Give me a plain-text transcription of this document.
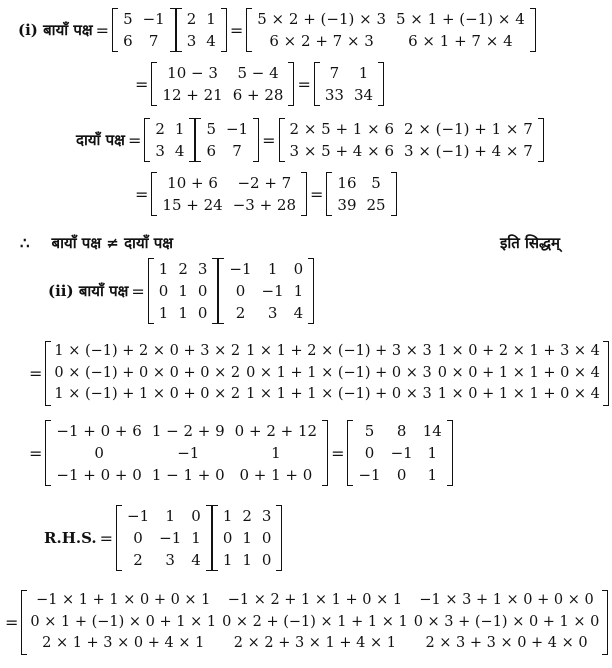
(i) बायाँ पक्ष =
5	−1
6	7
2	1
3	4
=
5 × 2 + (−1) × 3	5 × 1 + (−1) × 4
6 × 2 + 7 × 3	6 × 1 + 7 × 4
=
10 − 3	5 − 4
12 + 21	6 + 28
=
7	1
33	34
दायाँ पक्ष =
2	1
3	4
5	−1
6	7
=
2 × 5 + 1 × 6	2 × (−1) + 1 × 7
3 × 5 + 4 × 6	3 × (−1) + 4 × 7
=
10 + 6	−2 + 7
15 + 24	−3 + 28
=
16	5
39	25
∴ बायाँ पक्ष ≠ दायाँ पक्ष	इति सिद्धम्
(ii) बायाँ पक्ष =
1	2	3
0	1	0
1	1	0
−1	1	0
0	−1	1
2	3	4
=
1 × (−1) + 2 × 0 + 3 × 2	1 × 1 + 2 × (−1) + 3 × 3	1 × 0 + 2 × 1 + 3 × 4
0 × (−1) + 0 × 0 + 0 × 2	0 × 1 + 1 × (−1) + 0 × 3	0 × 0 + 1 × 1 + 0 × 4
1 × (−1) + 1 × 0 + 0 × 2	1 × 1 + 1 × (−1) + 0 × 3	1 × 0 + 1 × 1 + 0 × 4
=
−1 + 0 + 6	1 − 2 + 9	0 + 2 + 12
0	−1	1
−1 + 0 + 0	1 − 1 + 0	0 + 1 + 0
=
5	8	14
0	−1	1
−1	0	1
R.H.S. =
−1	1	0
0	−1	1
2	3	4
1	2	3
0	1	0
1	1	0
=
−1 × 1 + 1 × 0 + 0 × 1	−1 × 2 + 1 × 1 + 0 × 1	−1 × 3 + 1 × 0 + 0 × 0
0 × 1 + (−1) × 0 + 1 × 1	0 × 2 + (−1) × 1 + 1 × 1	0 × 3 + (−1) × 0 + 1 × 0
2 × 1 + 3 × 0 + 4 × 1	2 × 2 + 3 × 1 + 4 × 1	2 × 3 + 3 × 0 + 4 × 0
